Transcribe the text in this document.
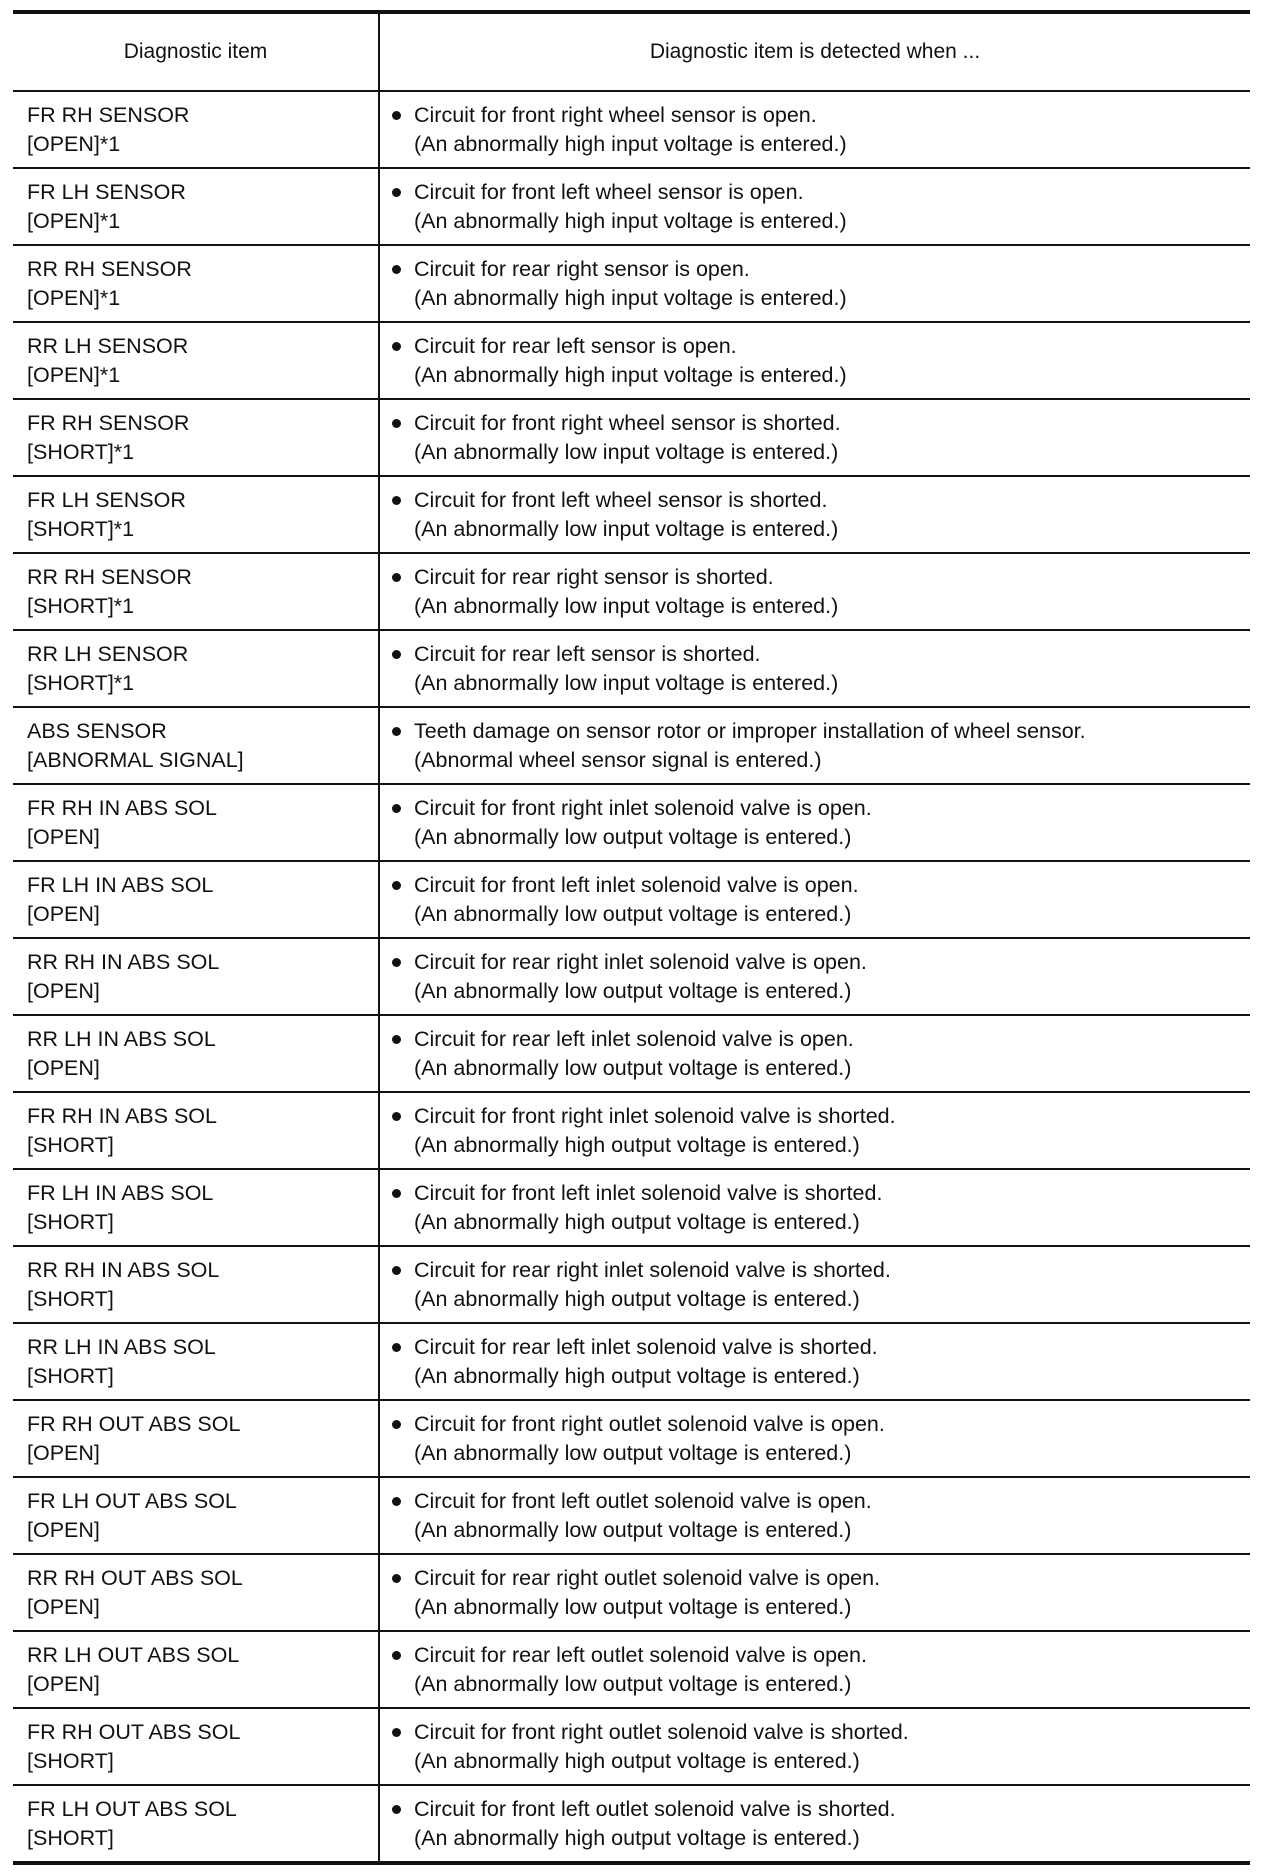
Diagnostic item	Diagnostic item is detected when ...

FR RH SENSOR
[OPEN]*1	Circuit for front right wheel sensor is open.
(An abnormally high input voltage is entered.)

FR LH SENSOR
[OPEN]*1	Circuit for front left wheel sensor is open.
(An abnormally high input voltage is entered.)

RR RH SENSOR
[OPEN]*1	Circuit for rear right sensor is open.
(An abnormally high input voltage is entered.)

RR LH SENSOR
[OPEN]*1	Circuit for rear left sensor is open.
(An abnormally high input voltage is entered.)

FR RH SENSOR
[SHORT]*1	Circuit for front right wheel sensor is shorted.
(An abnormally low input voltage is entered.)

FR LH SENSOR
[SHORT]*1	Circuit for front left wheel sensor is shorted.
(An abnormally low input voltage is entered.)

RR RH SENSOR
[SHORT]*1	Circuit for rear right sensor is shorted.
(An abnormally low input voltage is entered.)

RR LH SENSOR
[SHORT]*1	Circuit for rear left sensor is shorted.
(An abnormally low input voltage is entered.)

ABS SENSOR
[ABNORMAL SIGNAL]	Teeth damage on sensor rotor or improper installation of wheel sensor.
(Abnormal wheel sensor signal is entered.)

FR RH IN ABS SOL
[OPEN]	Circuit for front right inlet solenoid valve is open.
(An abnormally low output voltage is entered.)

FR LH IN ABS SOL
[OPEN]	Circuit for front left inlet solenoid valve is open.
(An abnormally low output voltage is entered.)

RR RH IN ABS SOL
[OPEN]	Circuit for rear right inlet solenoid valve is open.
(An abnormally low output voltage is entered.)

RR LH IN ABS SOL
[OPEN]	Circuit for rear left inlet solenoid valve is open.
(An abnormally low output voltage is entered.)

FR RH IN ABS SOL
[SHORT]	Circuit for front right inlet solenoid valve is shorted.
(An abnormally high output voltage is entered.)

FR LH IN ABS SOL
[SHORT]	Circuit for front left inlet solenoid valve is shorted.
(An abnormally high output voltage is entered.)

RR RH IN ABS SOL
[SHORT]	Circuit for rear right inlet solenoid valve is shorted.
(An abnormally high output voltage is entered.)

RR LH IN ABS SOL
[SHORT]	Circuit for rear left inlet solenoid valve is shorted.
(An abnormally high output voltage is entered.)

FR RH OUT ABS SOL
[OPEN]	Circuit for front right outlet solenoid valve is open.
(An abnormally low output voltage is entered.)

FR LH OUT ABS SOL
[OPEN]	Circuit for front left outlet solenoid valve is open.
(An abnormally low output voltage is entered.)

RR RH OUT ABS SOL
[OPEN]	Circuit for rear right outlet solenoid valve is open.
(An abnormally low output voltage is entered.)

RR LH OUT ABS SOL
[OPEN]	Circuit for rear left outlet solenoid valve is open.
(An abnormally low output voltage is entered.)

FR RH OUT ABS SOL
[SHORT]	Circuit for front right outlet solenoid valve is shorted.
(An abnormally high output voltage is entered.)

FR LH OUT ABS SOL
[SHORT]	Circuit for front left outlet solenoid valve is shorted.
(An abnormally high output voltage is entered.)
